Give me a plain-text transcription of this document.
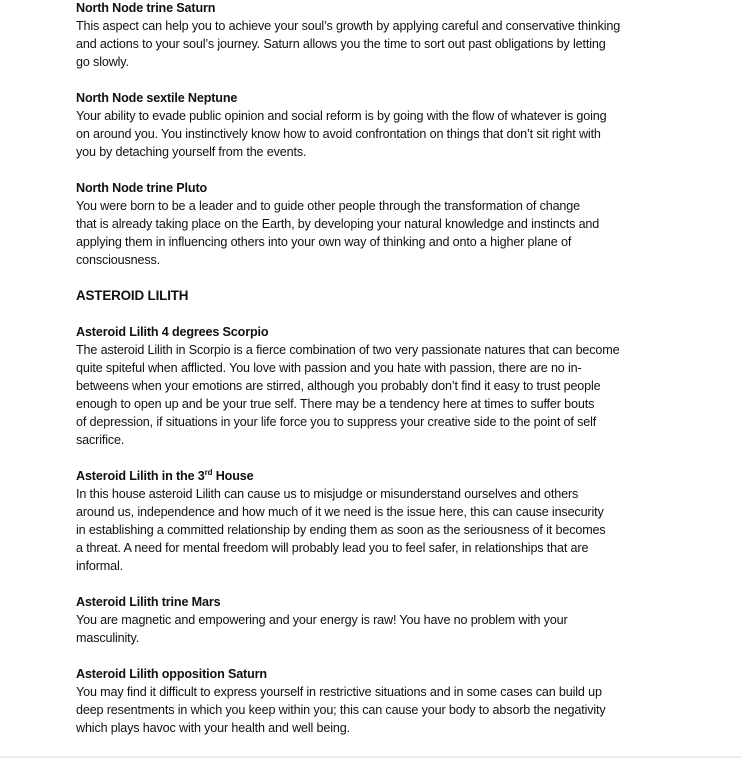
North Node trine Saturn

This aspect can help you to achieve your soul’s growth by applying careful and conservative thinking
and actions to your soul’s journey. Saturn allows you the time to sort out past obligations by letting
go slowly.

North Node sextile Neptune

Your ability to evade public opinion and social reform is by going with the flow of whatever is going
on around you. You instinctively know how to avoid confrontation on things that don’t sit right with
you by detaching yourself from the events.

North Node trine Pluto

You were born to be a leader and to guide other people through the transformation of change
that is already taking place on the Earth, by developing your natural knowledge and instincts and
applying them in influencing others into your own way of thinking and onto a higher plane of
consciousness.

ASTEROID LILITH

Asteroid Lilith 4 degrees Scorpio

The asteroid Lilith in Scorpio is a fierce combination of two very passionate natures that can become
quite spiteful when afflicted. You love with passion and you hate with passion, there are no in-
betweens when your emotions are stirred, although you probably don’t find it easy to trust people
enough to open up and be your true self. There may be a tendency here at times to suffer bouts
of depression, if situations in your life force you to suppress your creative side to the point of self
sacrifice.

Asteroid Lilith in the 3rd House

In this house asteroid Lilith can cause us to misjudge or misunderstand ourselves and others
around us, independence and how much of it we need is the issue here, this can cause insecurity
in establishing a committed relationship by ending them as soon as the seriousness of it becomes
a threat. A need for mental freedom will probably lead you to feel safer, in relationships that are
informal.

Asteroid Lilith trine Mars

You are magnetic and empowering and your energy is raw! You have no problem with your
masculinity.

Asteroid Lilith opposition Saturn

You may find it difficult to express yourself in restrictive situations and in some cases can build up
deep resentments in which you keep within you; this can cause your body to absorb the negativity
which plays havoc with your health and well being.
